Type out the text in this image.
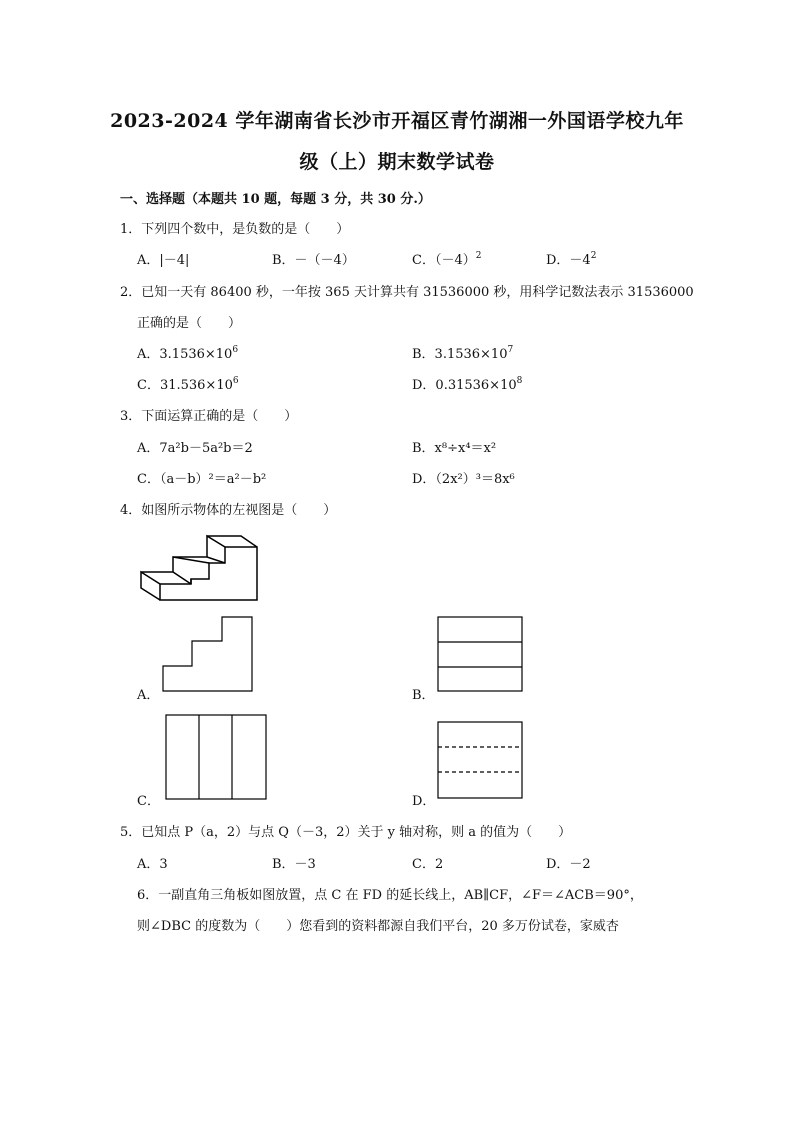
2023-2024 学年湖南省长沙市开福区青竹湖湘一外国语学校九年
级（上）期末数学试卷
一、选择题（本题共 10 题，每题 3 分，共 30 分.）
1．下列四个数中，是负数的是（　　）
A．|－4|	B．－（－4）	C．$(-4)^2$	D．$-4^2$
2．已知一天有 86400 秒，一年按 365 天计算共有 31536000 秒，用科学记数法表示 31536000
正确的是（　　）
A．$3.1536\times 10^6$	B．$3.1536\times 10^7$
C．$31.536\times 10^6$	D．$0.31536\times 10^8$
3．下面运算正确的是（　　）
A．7a²b－5a²b＝2	B．x⁸÷x⁴＝x²
C．（a－b）²＝a²－b²	D．（2x²）³＝8x⁶
4．如图所示物体的左视图是（　　）
A．	B．
C．	D．
5．已知点 P（a，2）与点 Q（－3，2）关于 y 轴对称，则 a 的值为（　　）
A．3	B．－3	C．2	D．－2
6．一副直角三角板如图放置，点 C 在 FD 的延长线上，AB∥CF，∠F＝∠ACB＝90°，
则∠DBC 的度数为（　　）您看到的资料都源自我们平台，20 多万份试卷，家威杏
